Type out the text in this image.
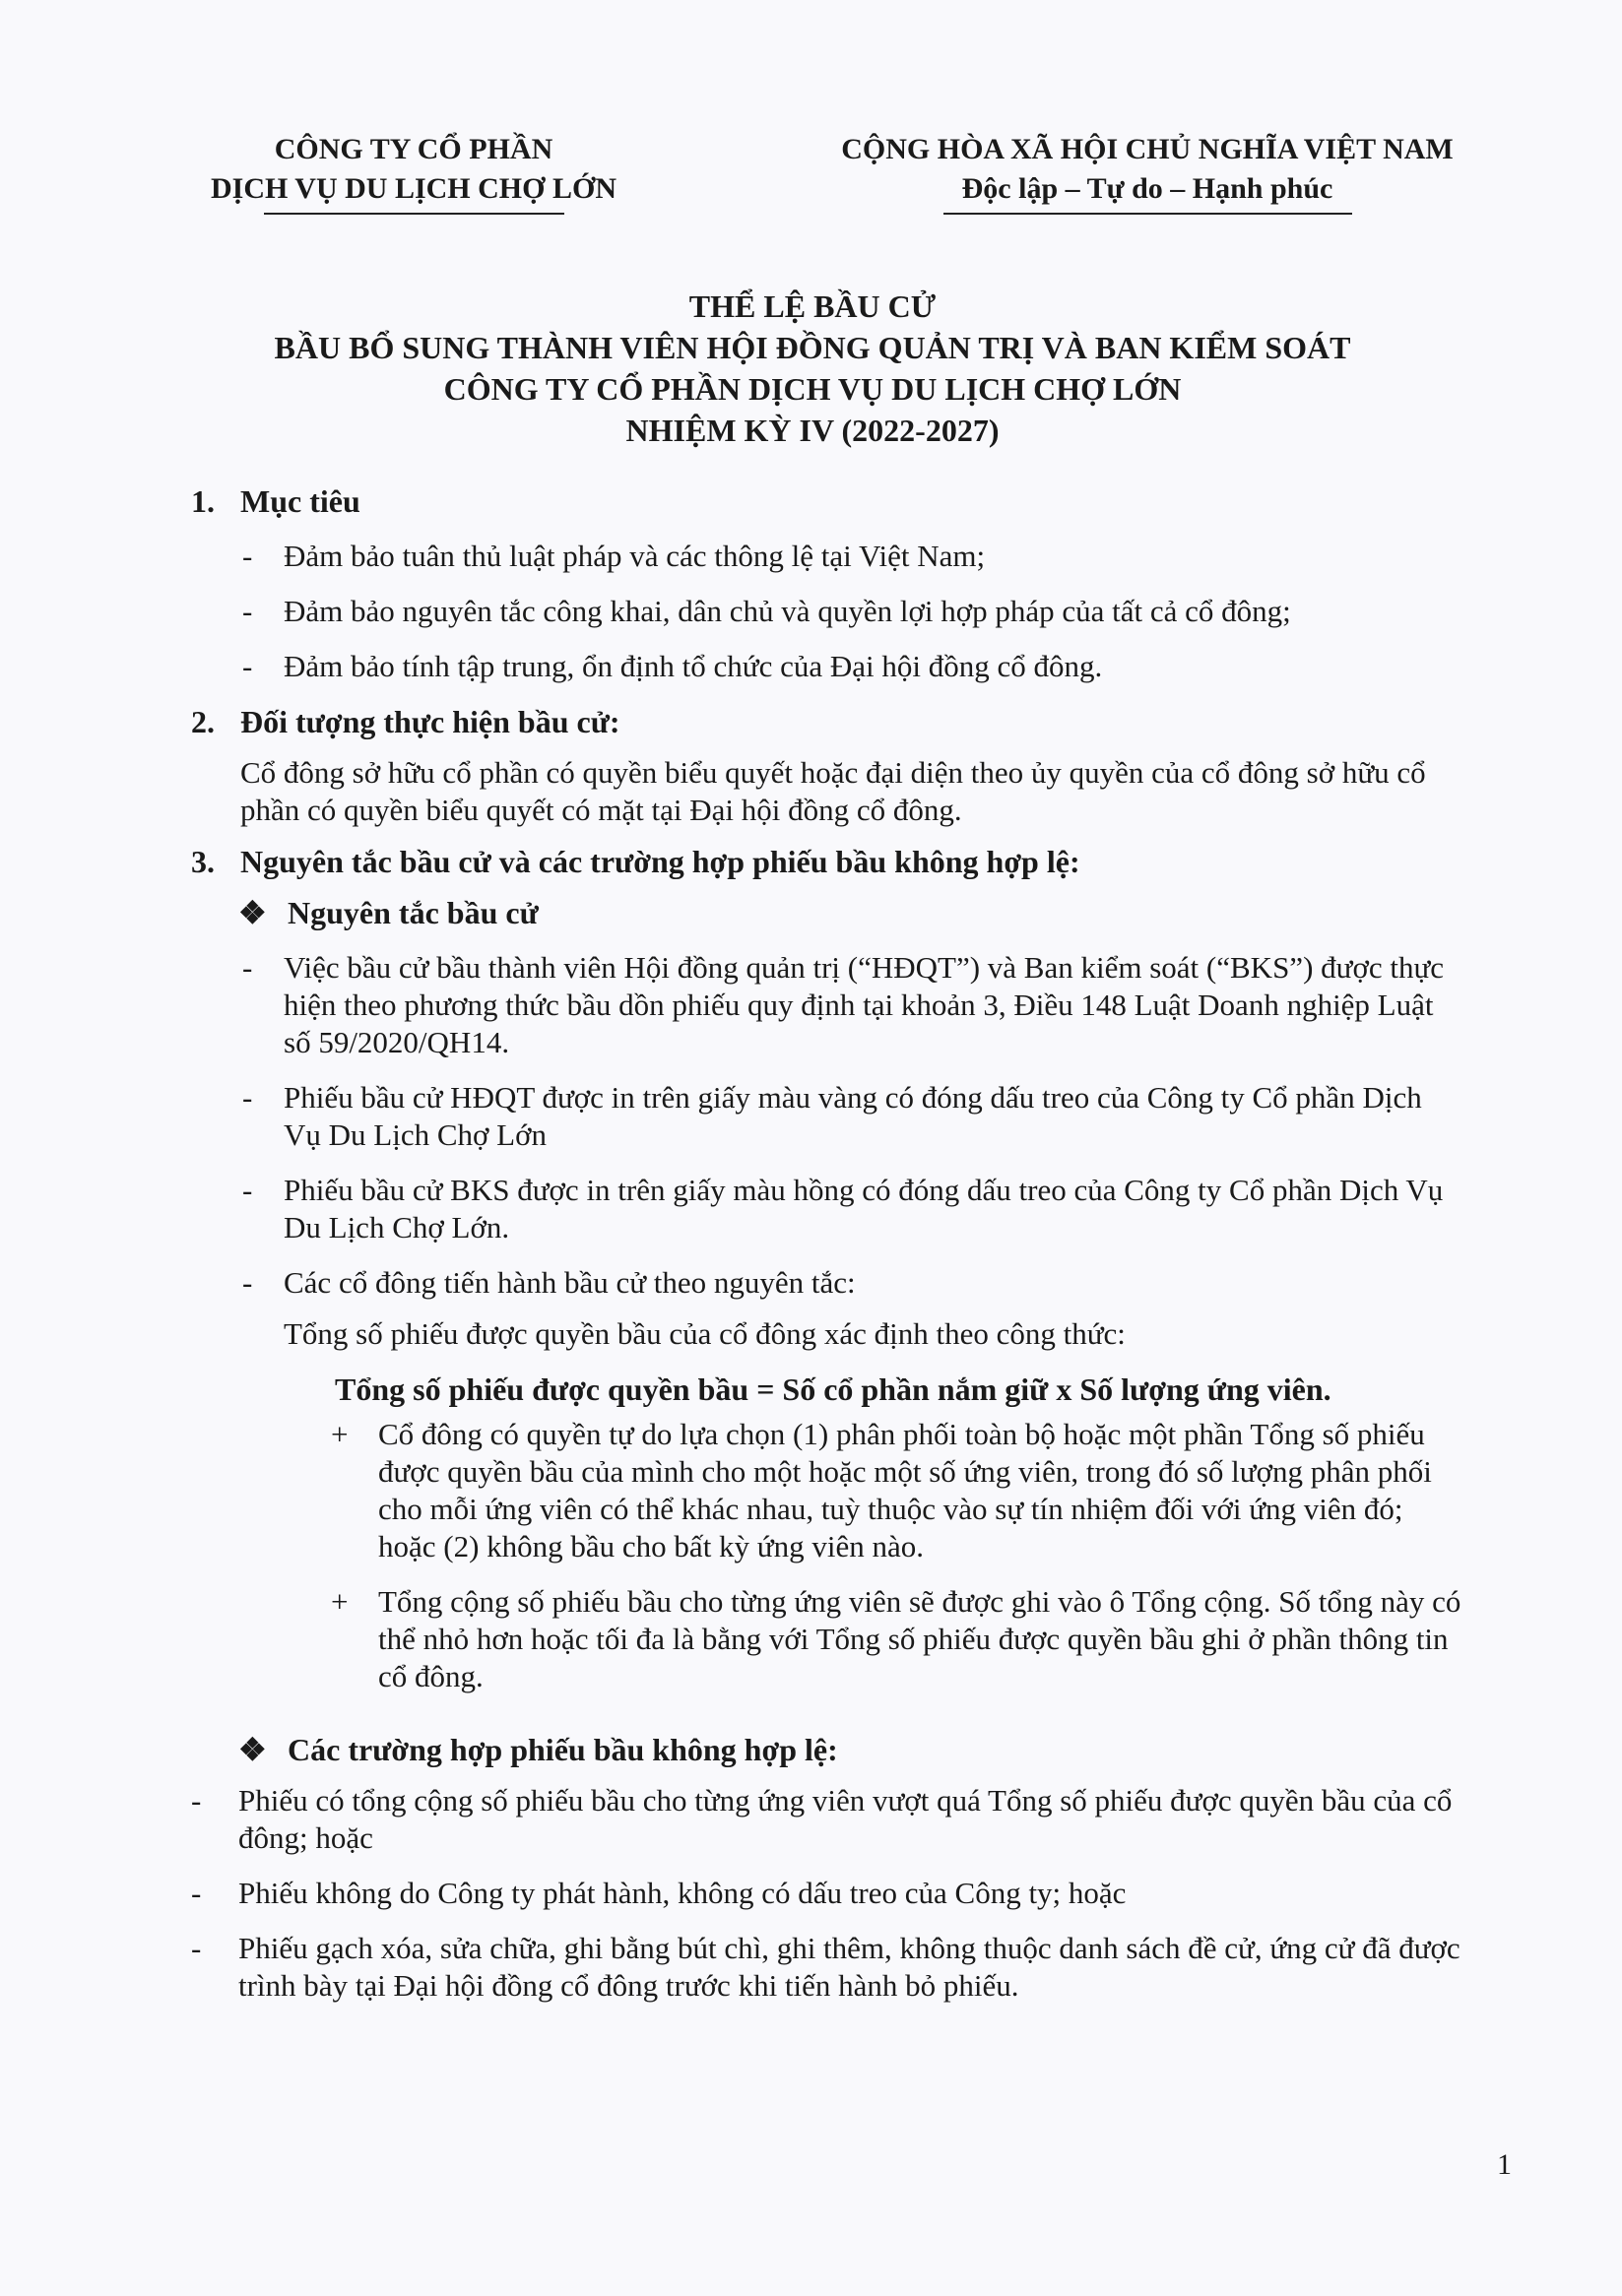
CÔNG TY CỔ PHẦN
DỊCH VỤ DU LỊCH CHỢ LỚN
CỘNG HÒA XÃ HỘI CHỦ NGHĨA VIỆT NAM
Độc lập – Tự do – Hạnh phúc
THỂ LỆ BẦU CỬ
BẦU BỔ SUNG THÀNH VIÊN HỘI ĐỒNG QUẢN TRỊ VÀ BAN KIỂM SOÁT
CÔNG TY CỔ PHẦN DỊCH VỤ DU LỊCH CHỢ LỚN
NHIỆM KỲ IV (2022-2027)
1. Mục tiêu
-	Đảm bảo tuân thủ luật pháp và các thông lệ tại Việt Nam;
-	Đảm bảo nguyên tắc công khai, dân chủ và quyền lợi hợp pháp của tất cả cổ đông;
-	Đảm bảo tính tập trung, ổn định tổ chức của Đại hội đồng cổ đông.
2. Đối tượng thực hiện bầu cử:
Cổ đông sở hữu cổ phần có quyền biểu quyết hoặc đại diện theo ủy quyền của cổ đông sở hữu cổ phần có quyền biểu quyết có mặt tại Đại hội đồng cổ đông.
3. Nguyên tắc bầu cử và các trường hợp phiếu bầu không hợp lệ:
❖ Nguyên tắc bầu cử
-	Việc bầu cử bầu thành viên Hội đồng quản trị (“HĐQT”) và Ban kiểm soát (“BKS”) được thực hiện theo phương thức bầu dồn phiếu quy định tại khoản 3, Điều 148 Luật Doanh nghiệp Luật số 59/2020/QH14.
-	Phiếu bầu cử HĐQT được in trên giấy màu vàng có đóng dấu treo của Công ty Cổ phần Dịch Vụ Du Lịch Chợ Lớn
-	Phiếu bầu cử BKS được in trên giấy màu hồng có đóng dấu treo của Công ty Cổ phần Dịch Vụ Du Lịch Chợ Lớn.
-	Các cổ đông tiến hành bầu cử theo nguyên tắc:
Tổng số phiếu được quyền bầu của cổ đông xác định theo công thức:
Tổng số phiếu được quyền bầu = Số cổ phần nắm giữ x Số lượng ứng viên.
+ Cổ đông có quyền tự do lựa chọn (1) phân phối toàn bộ hoặc một phần Tổng số phiếu được quyền bầu của mình cho một hoặc một số ứng viên, trong đó số lượng phân phối cho mỗi ứng viên có thể khác nhau, tuỳ thuộc vào sự tín nhiệm đối với ứng viên đó; hoặc (2) không bầu cho bất kỳ ứng viên nào.
+ Tổng cộng số phiếu bầu cho từng ứng viên sẽ được ghi vào ô Tổng cộng. Số tổng này có thể nhỏ hơn hoặc tối đa là bằng với Tổng số phiếu được quyền bầu ghi ở phần thông tin cổ đông.
❖ Các trường hợp phiếu bầu không hợp lệ:
-	Phiếu có tổng cộng số phiếu bầu cho từng ứng viên vượt quá Tổng số phiếu được quyền bầu của cổ đông; hoặc
-	Phiếu không do Công ty phát hành, không có dấu treo của Công ty; hoặc
-	Phiếu gạch xóa, sửa chữa, ghi bằng bút chì, ghi thêm, không thuộc danh sách đề cử, ứng cử đã được trình bày tại Đại hội đồng cổ đông trước khi tiến hành bỏ phiếu.
1
